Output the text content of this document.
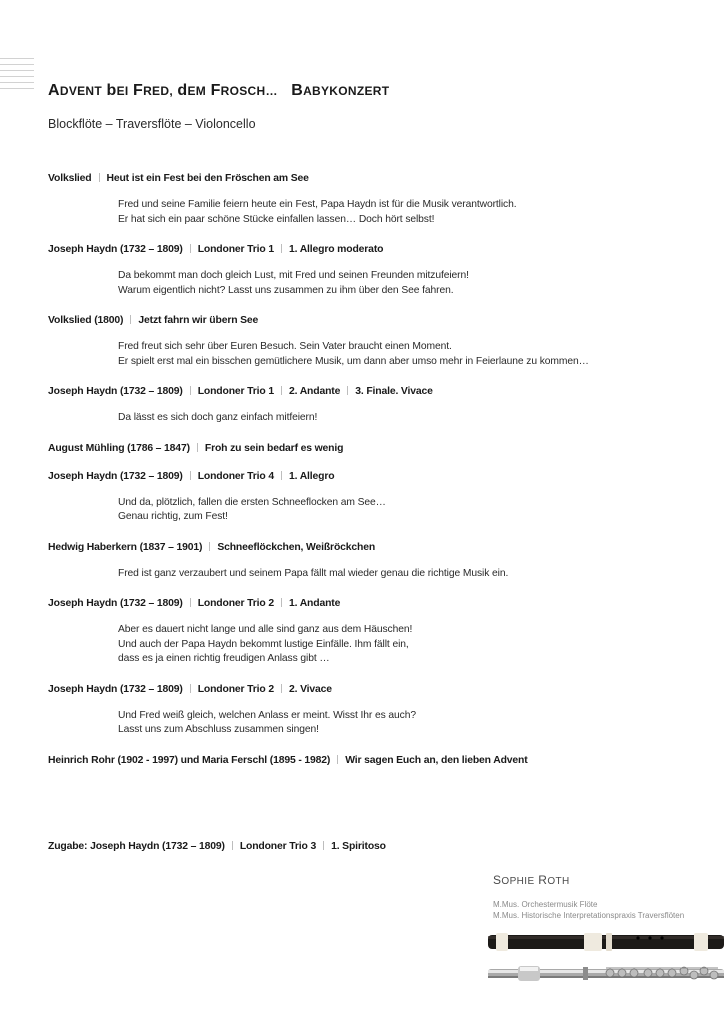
ADVENT bEI FRED, dEM FROSCH… BABYKONZERT
Blockflöte – Traversflöte – Violoncello
Volkslied Heut ist ein Fest bei den Fröschen am See
Fred und seine Familie feiern heute ein Fest, Papa Haydn ist für die Musik verantwortlich.
Er hat sich ein paar schöne Stücke einfallen lassen… Doch hört selbst!
Joseph Haydn (1732 – 1809) Londoner Trio 1 1. Allegro moderato
Da bekommt man doch gleich Lust, mit Fred und seinen Freunden mitzufeiern!
Warum eigentlich nicht? Lasst uns zusammen zu ihm über den See fahren.
Volkslied (1800) Jetzt fahrn wir übern See
Fred freut sich sehr über Euren Besuch. Sein Vater braucht einen Moment.
Er spielt erst mal ein bisschen gemütlichere Musik, um dann aber umso mehr in Feierlaune zu kommen…
Joseph Haydn (1732 – 1809) Londoner Trio 1 2. Andante 3. Finale. Vivace
Da lässt es sich doch ganz einfach mitfeiern!
August Mühling (1786 – 1847) Froh zu sein bedarf es wenig
Joseph Haydn (1732 – 1809) Londoner Trio 4 1. Allegro
Und da, plötzlich, fallen die ersten Schneeflocken am See…
Genau richtig, zum Fest!
Hedwig Haberkern (1837 – 1901) Schneeflöckchen, Weißröckchen
Fred ist ganz verzaubert und seinem Papa fällt mal wieder genau die richtige Musik ein.
Joseph Haydn (1732 – 1809) Londoner Trio 2 1. Andante
Aber es dauert nicht lange und alle sind ganz aus dem Häuschen!
Und auch der Papa Haydn bekommt lustige Einfälle. Ihm fällt ein,
dass es ja einen richtig freudigen Anlass gibt …
Joseph Haydn (1732 – 1809) Londoner Trio 2 2. Vivace
Und Fred weiß gleich, welchen Anlass er meint. Wisst Ihr es auch?
Lasst uns zum Abschluss zusammen singen!
Heinrich Rohr (1902 - 1997) und Maria Ferschl (1895 - 1982) Wir sagen Euch an, den lieben Advent
Zugabe: Joseph Haydn (1732 – 1809) Londoner Trio 3 1. Spiritoso
SOPHIE ROTH
M.Mus. Orchestermusik Flöte
M.Mus. Historische Interpretationspraxis Traversflöten
